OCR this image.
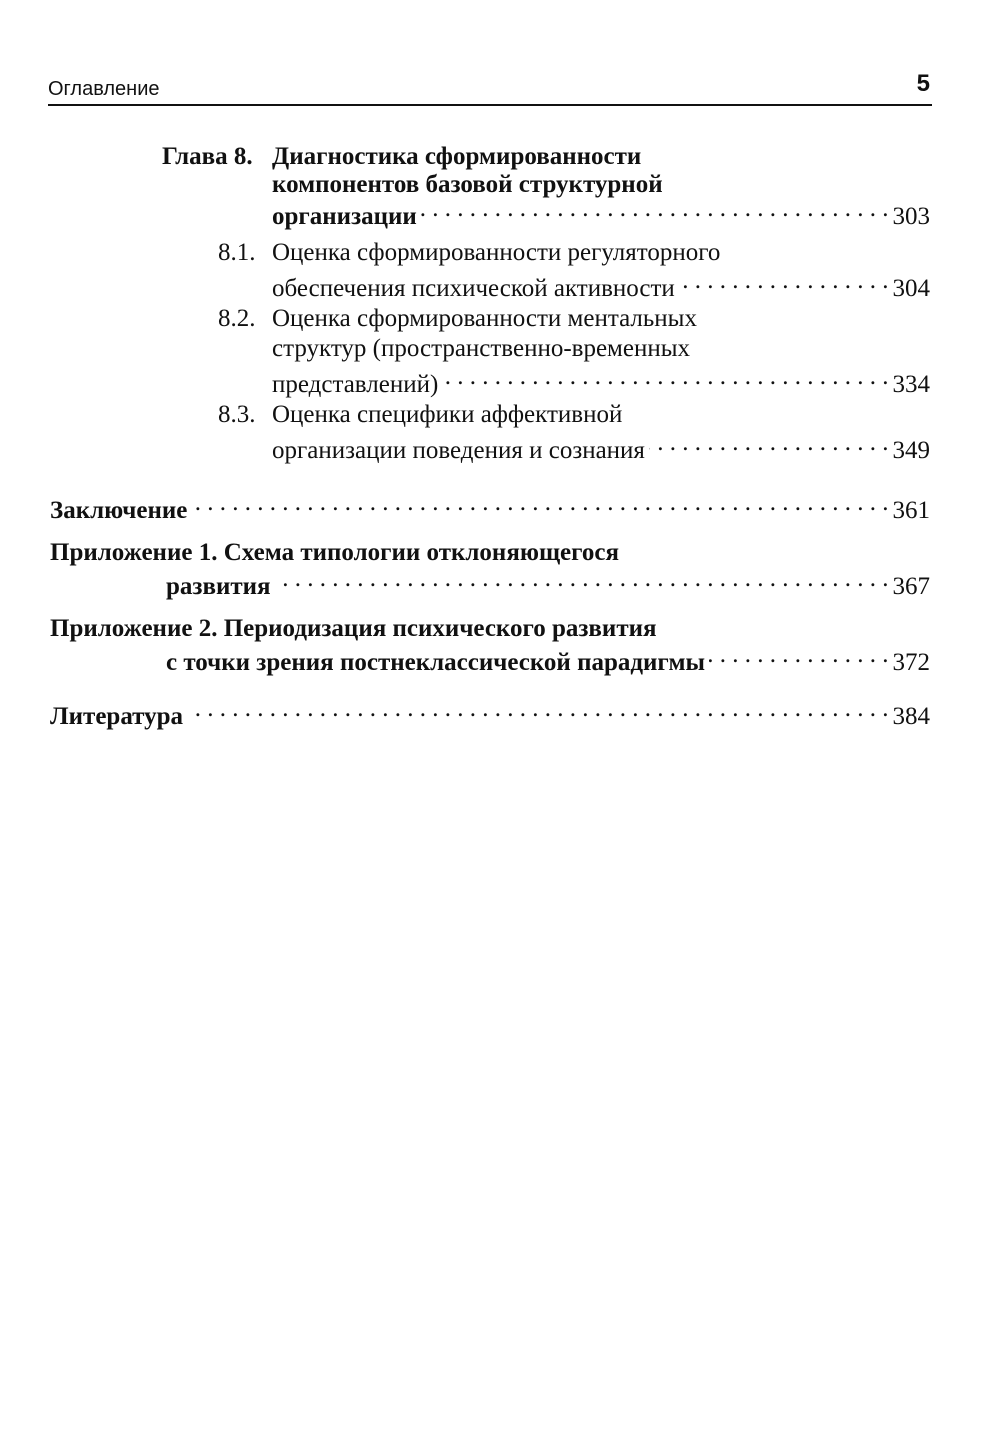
Оглавление	5
Глава 8. Диагностика сформированности
компонентов базовой структурной
организации . . .	303
8.1. Оценка сформированности регуляторного
обеспечения психической активности . . .	304
8.2. Оценка сформированности ментальных
структур (пространственно-временных
представлений) . . .	334
8.3. Оценка специфики аффективной
организации поведения и сознания . . .	349
Заключение . . .	361
Приложение 1. Схема типологии отклоняющегося
развития . . .	367
Приложение 2. Периодизация психического развития
с точки зрения постнеклассической парадигмы . . .	372
Литература . . .	384
